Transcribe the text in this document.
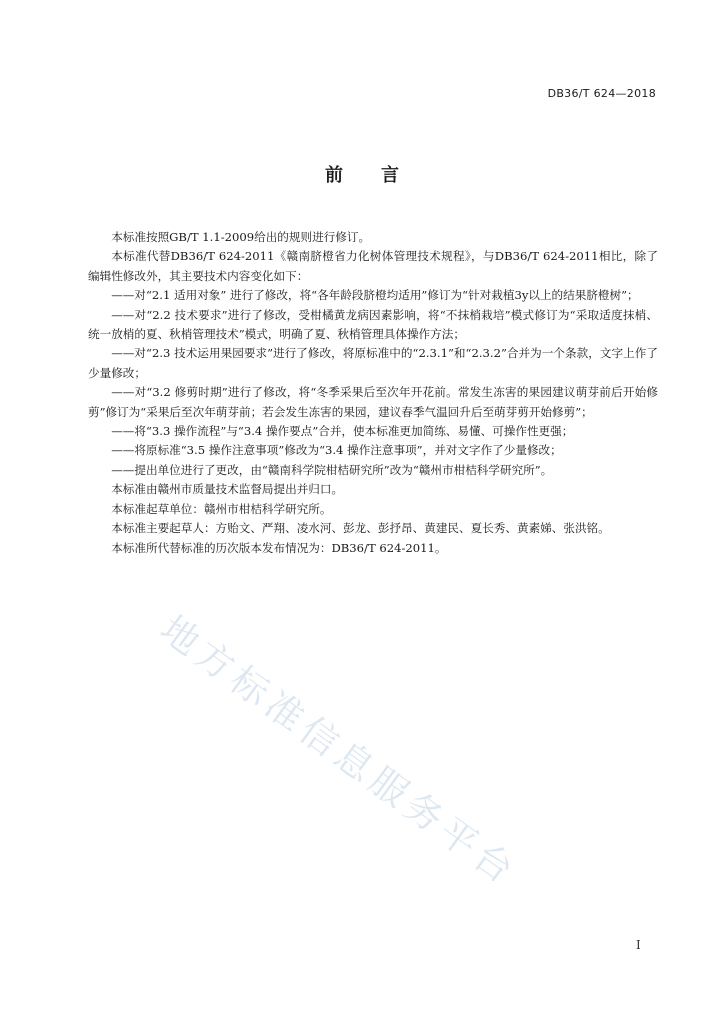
DB36/T 624—2018
前 言

本标准按照GB/T 1.1-2009给出的规则进行修订。

本标准代替DB36/T 624-2011《赣南脐橙省力化树体管理技术规程》，与DB36/T 624-2011相比，除了编辑性修改外，其主要技术内容变化如下：

——对“2.1 适用对象” 进行了修改，将“各年龄段脐橙均适用”修订为“针对栽植3y以上的结果脐橙树”；

——对“2.2 技术要求”进行了修改，受柑橘黄龙病因素影响，将“不抹梢栽培”模式修订为“采取适度抹梢、统一放梢的夏、秋梢管理技术”模式，明确了夏、秋梢管理具体操作方法；

——对“2.3 技术运用果园要求”进行了修改，将原标准中的“2.3.1”和“2.3.2”合并为一个条款，文字上作了少量修改；

——对“3.2 修剪时期”进行了修改，将“冬季采果后至次年开花前。常发生冻害的果园建议萌芽前后开始修剪”修订为“采果后至次年萌芽前；若会发生冻害的果园，建议春季气温回升后至萌芽剪开始修剪”；

——将“3.3 操作流程”与“3.4 操作要点”合并，使本标准更加简练、易懂、可操作性更强；

——将原标准“3.5 操作注意事项”修改为“3.4 操作注意事项”，并对文字作了少量修改；

——提出单位进行了更改，由“赣南科学院柑桔研究所”改为“赣州市柑桔科学研究所”。

本标准由赣州市质量技术监督局提出并归口。

本标准起草单位：赣州市柑桔科学研究所。

本标准主要起草人：方贻文、严翔、凌水河、彭龙、彭抒昂、黄建民、夏长秀、黄素娣、张洪铭。

本标准所代替标准的历次版本发布情况为：DB36/T 624-2011。

地方标准信息服务平台
I
